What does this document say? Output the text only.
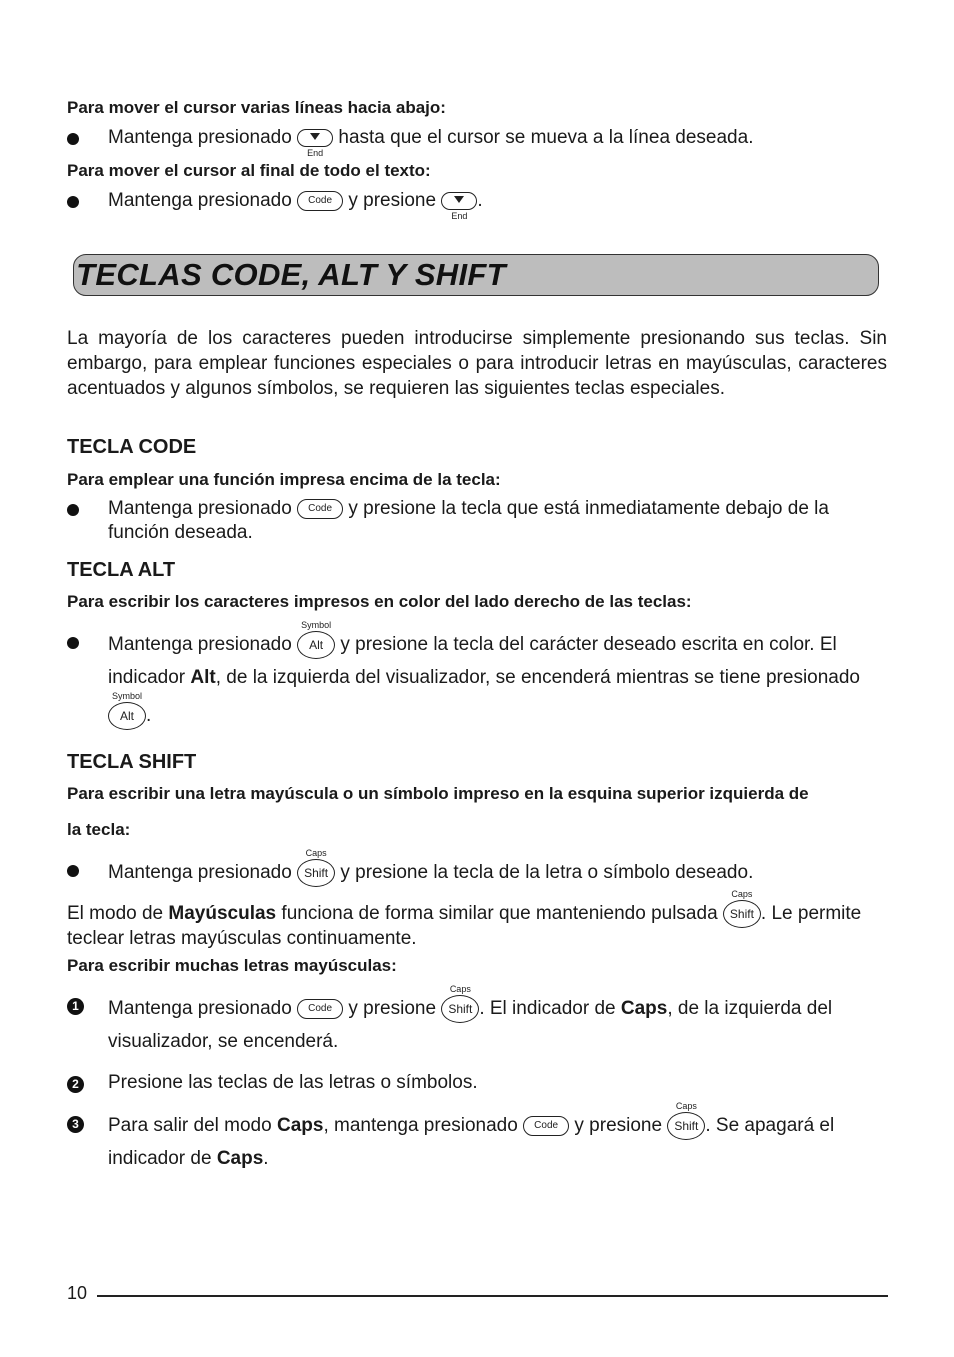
Para mover el cursor varias líneas hacia abajo:
Mantenga presionado
End
hasta que el cursor se mueva a la línea deseada.
Para mover el cursor al final de todo el texto:
Mantenga presionado Code y presione
End
.
TECLAS CODE, ALT Y SHIFT
La mayoría de los caracteres pueden introducirse simplemente presionando sus teclas. Sin embargo, para emplear funciones especiales o para introducir letras en mayúsculas, caracteres acentuados y algunos símbolos, se requieren las siguientes teclas especiales.
TECLA CODE
Para emplear una función impresa encima de la tecla:
Mantenga presionado Code y presione la tecla que está inmediatamente debajo de la
función deseada.
TECLA ALT
Para escribir los caracteres impresos en color del lado derecho de las teclas:
Mantenga presionado Alt
Symbol
y presione la tecla del carácter deseado escrita en color. El
indicador Alt, de la izquierda del visualizador, se encenderá mientras se tiene presionado
Alt
Symbol
.
TECLA SHIFT
Para escribir una letra mayúscula o un símbolo impreso en la esquina superior izquierda de
la tecla:
Mantenga presionado Shift
Caps
y presione la tecla de la letra o símbolo deseado.
El modo de Mayúsculas funciona de forma similar que manteniendo pulsada Shift
Caps
. Le permite
teclear letras mayúsculas continuamente.
Para escribir muchas letras mayúsculas:
1 Mantenga presionado Code y presione Shift
Caps
. El indicador de Caps, de la izquierda del
visualizador, se encenderá.
2 Presione las teclas de las letras o símbolos.
3 Para salir del modo Caps, mantenga presionado Code y presione Shift
Caps
. Se apagará el
indicador de Caps.
10
